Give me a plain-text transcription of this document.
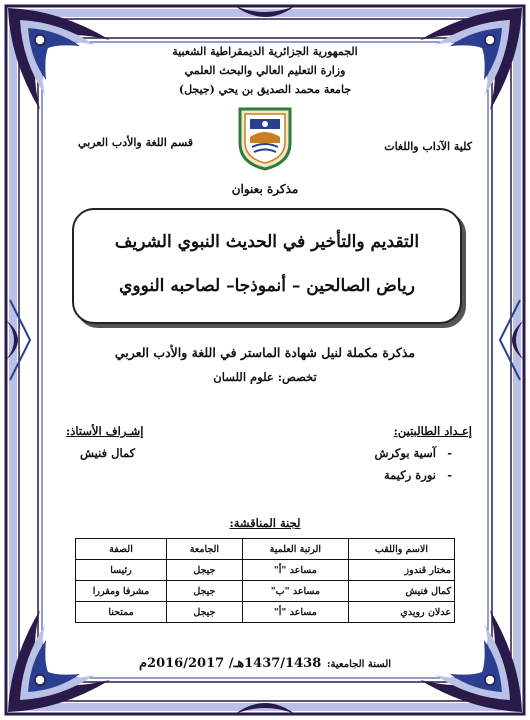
الجمهورية الجزائرية الديمقراطية الشعبية
وزارة التعليم العالي والبحث العلمي
جامعة محمد الصديق بن يحي (جيجل)
كلية الآداب واللغات
قسم اللغة والأدب العربي
مذكرة بعنوان
التقديم والتأخير في الحديث النبوي الشريف
رياض الصالحين – أنموذجا– لصاحبه النووي
مذكرة مكملة لنيل شهادة الماستر في اللغة والأدب العربي
تخصص: علوم اللسان
إعـداد الطالبتين:
-آسية بوكرش
-نورة ركيمة
إشـراف الأستاذ:
كمال فنيش
لجنة المناقشة:
الاسم واللقب	الرتبة العلمية	الجامعة	الصفة
مختار قندوز	مساعد "أ"	جيجل	رئيسا
كمال فنيش	مساعد "ب"	جيجل	مشرفا ومقررا
عدلان رويدي	مساعد "أ"	جيجل	ممتحنا
السنة الجامعية: 1437/1438هـ/ 2016/2017م
